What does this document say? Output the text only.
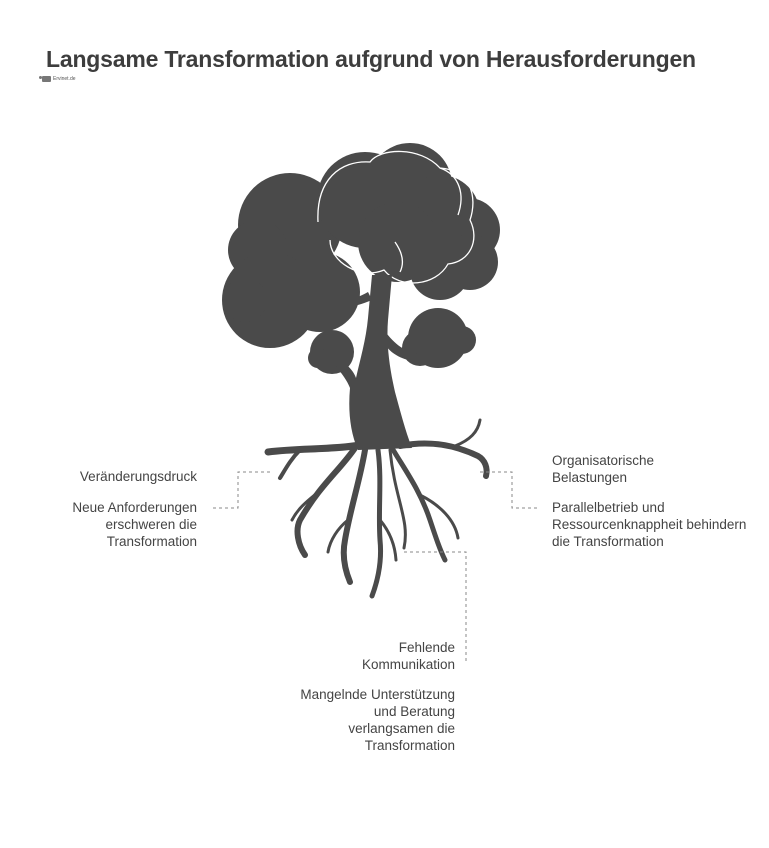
Langsame Transformation aufgrund von Herausforderungen
Ervinet.de
Veränderungsdruck
Neue Anforderungen erschweren die Transformation
Organisatorische Belastungen
Parallelbetrieb und Ressourcenknappheit behindern die Transformation
Fehlende Kommunikation
Mangelnde Unterstützung und Beratung verlangsamen die Transformation
